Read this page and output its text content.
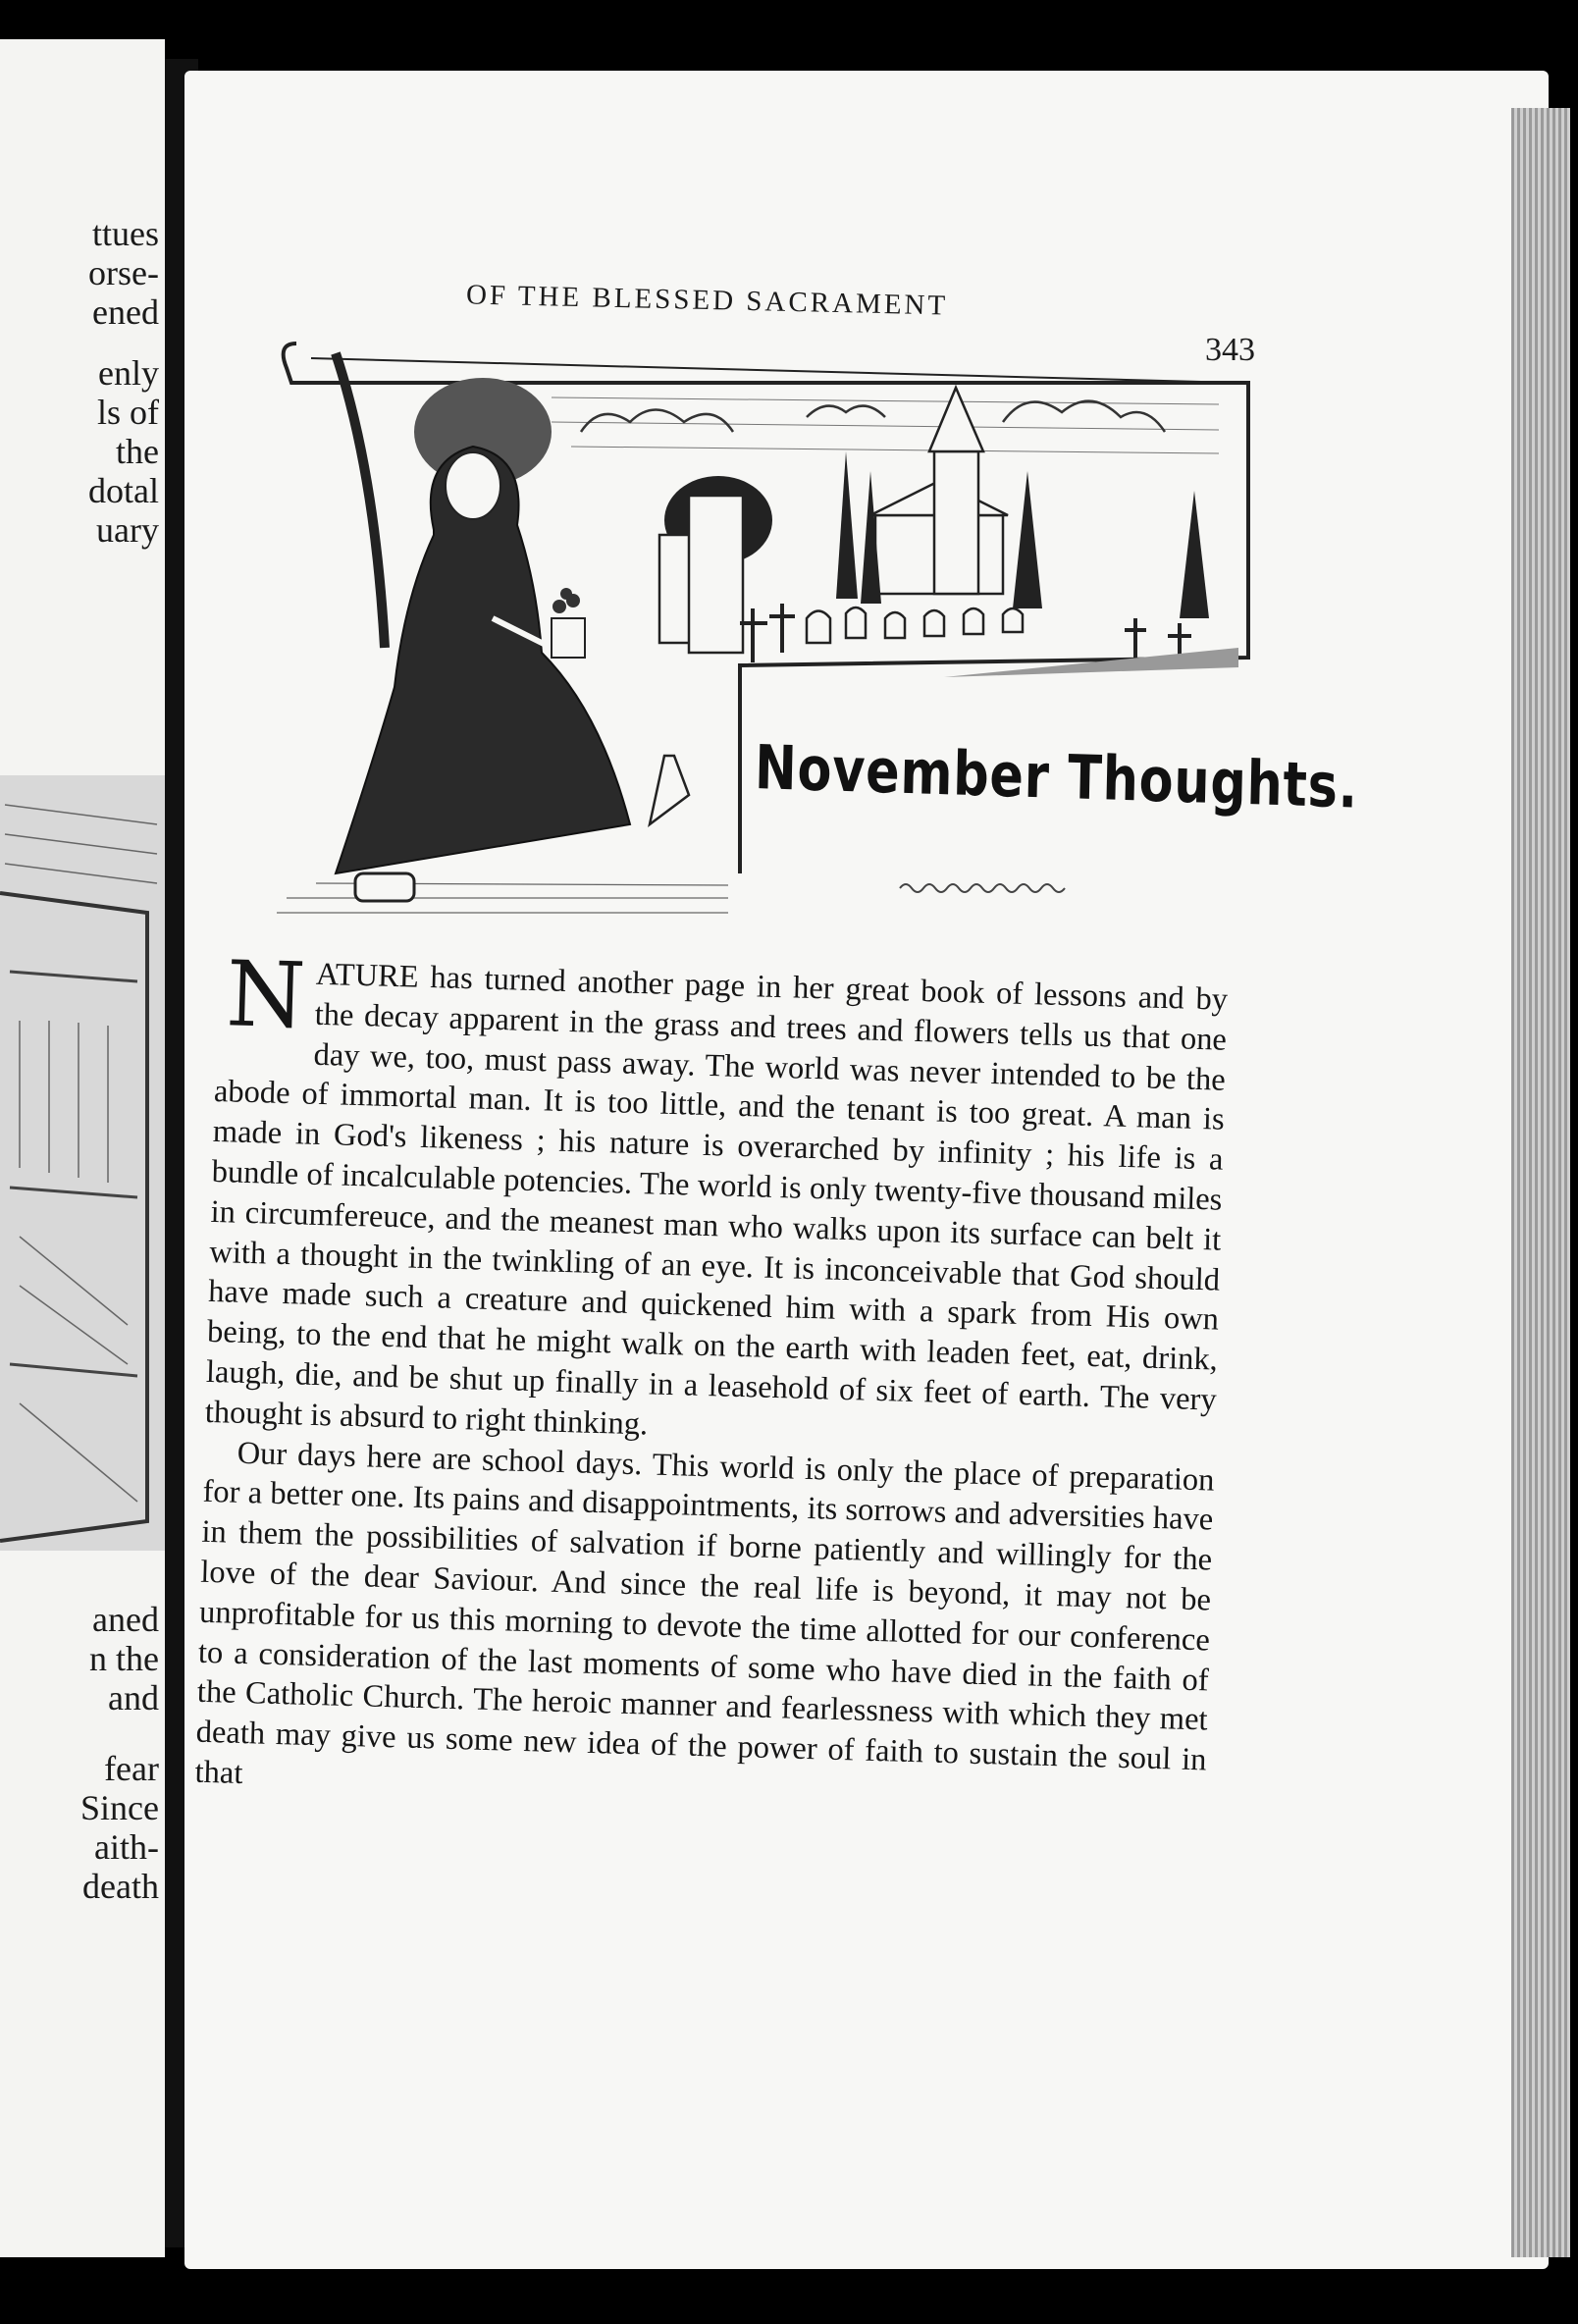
ttues
orse-
ened
enly
ls of
the
dotal
uary
aned
n the
and
fear
Since
aith-
death
OF THE BLESSED SACRAMENT
343
November Thoughts.

NATURE has turned another page in her great book of lessons and by the decay apparent in the grass and trees and flowers tells us that one day we, too, must pass away. The world was never intended to be the abode of immortal man. It is too little, and the tenant is too great. A man is made in God's likeness ; his nature is overarched by infinity ; his life is a bundle of incalculable potencies. The world is only twenty-five thousand miles in circumfereuce, and the meanest man who walks upon its surface can belt it with a thought in the twinkling of an eye. It is inconceivable that God should have made such a creature and quickened him with a spark from His own being, to the end that he might walk on the earth with leaden feet, eat, drink, laugh, die, and be shut up finally in a leasehold of six feet of earth. The very thought is absurd to right thinking.

Our days here are school days. This world is only the place of preparation for a better one. Its pains and disappointments, its sorrows and adversities have in them the possibilities of salvation if borne patiently and willingly for the love of the dear Saviour. And since the real life is beyond, it may not be unprofitable for us this morning to devote the time allotted for our conference to a consideration of the last moments of some who have died in the faith of the Catholic Church. The heroic manner and fearlessness with which they met death may give us some new idea of the power of faith to sustain the soul in that
